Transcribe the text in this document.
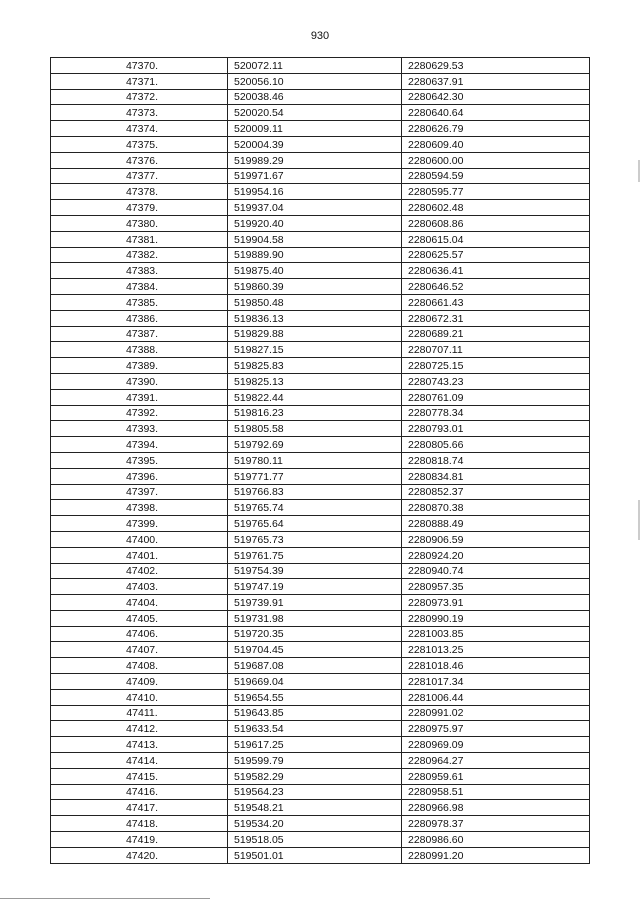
930
47370.	520072.11	2280629.53
47371.	520056.10	2280637.91
47372.	520038.46	2280642.30
47373.	520020.54	2280640.64
47374.	520009.11	2280626.79
47375.	520004.39	2280609.40
47376.	519989.29	2280600.00
47377.	519971.67	2280594.59
47378.	519954.16	2280595.77
47379.	519937.04	2280602.48
47380.	519920.40	2280608.86
47381.	519904.58	2280615.04
47382.	519889.90	2280625.57
47383.	519875.40	2280636.41
47384.	519860.39	2280646.52
47385.	519850.48	2280661.43
47386.	519836.13	2280672.31
47387.	519829.88	2280689.21
47388.	519827.15	2280707.11
47389.	519825.83	2280725.15
47390.	519825.13	2280743.23
47391.	519822.44	2280761.09
47392.	519816.23	2280778.34
47393.	519805.58	2280793.01
47394.	519792.69	2280805.66
47395.	519780.11	2280818.74
47396.	519771.77	2280834.81
47397.	519766.83	2280852.37
47398.	519765.74	2280870.38
47399.	519765.64	2280888.49
47400.	519765.73	2280906.59
47401.	519761.75	2280924.20
47402.	519754.39	2280940.74
47403.	519747.19	2280957.35
47404.	519739.91	2280973.91
47405.	519731.98	2280990.19
47406.	519720.35	2281003.85
47407.	519704.45	2281013.25
47408.	519687.08	2281018.46
47409.	519669.04	2281017.34
47410.	519654.55	2281006.44
47411.	519643.85	2280991.02
47412.	519633.54	2280975.97
47413.	519617.25	2280969.09
47414.	519599.79	2280964.27
47415.	519582.29	2280959.61
47416.	519564.23	2280958.51
47417.	519548.21	2280966.98
47418.	519534.20	2280978.37
47419.	519518.05	2280986.60
47420.	519501.01	2280991.20
